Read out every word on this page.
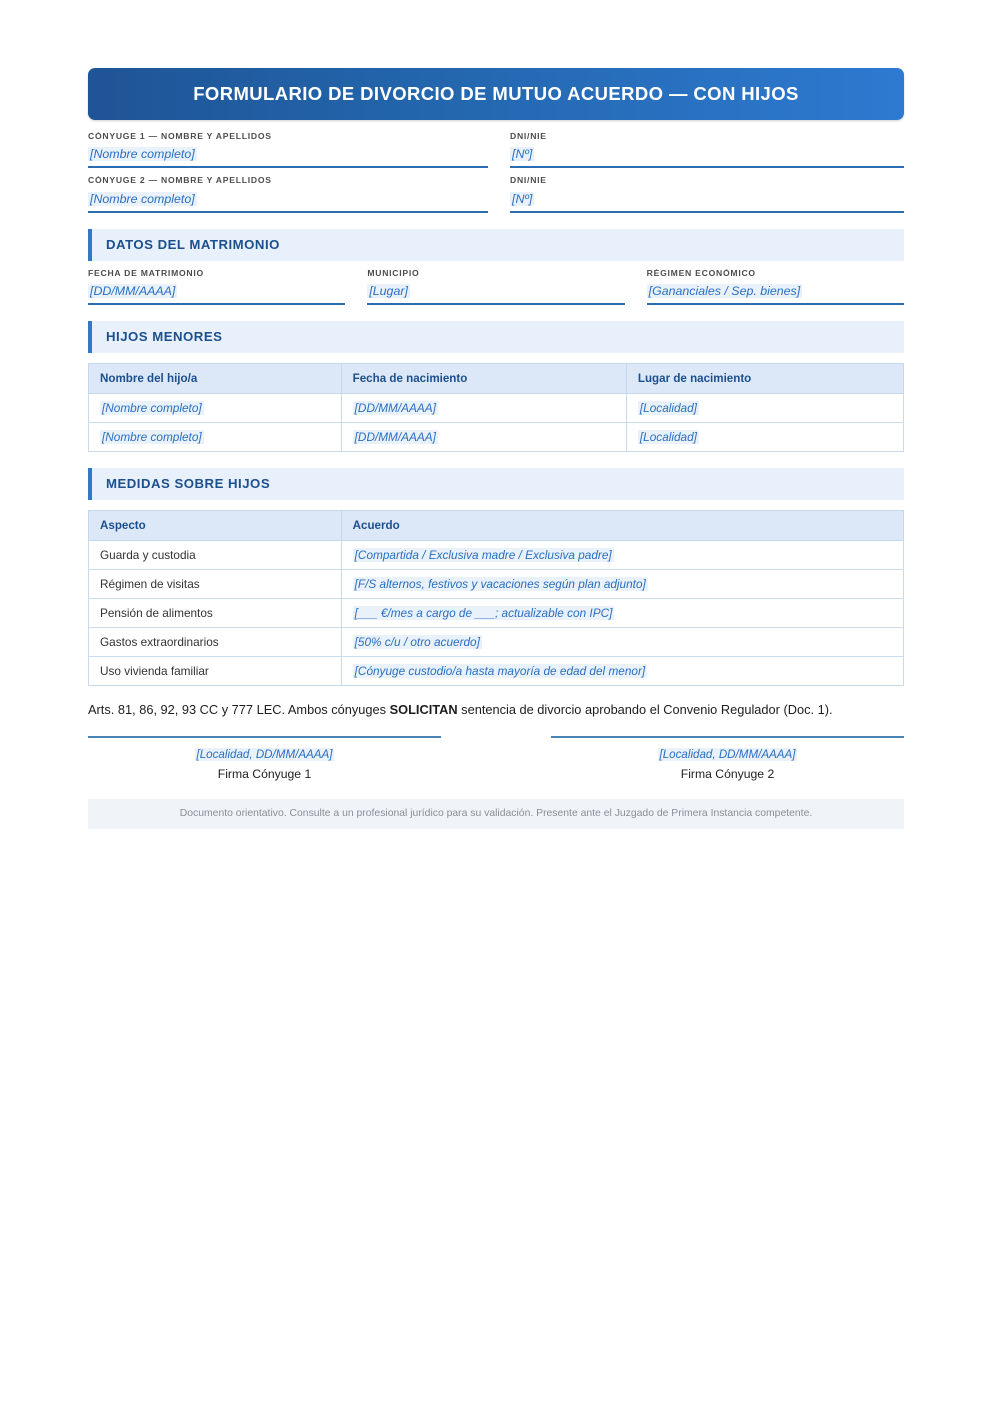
FORMULARIO DE DIVORCIO DE MUTUO ACUERDO — CON HIJOS
CÓNYUGE 1 — NOMBRE Y APELLIDOS
[Nombre completo]
DNI/NIE
[Nº]
CÓNYUGE 2 — NOMBRE Y APELLIDOS
[Nombre completo]
DNI/NIE
[Nº]
DATOS DEL MATRIMONIO
FECHA DE MATRIMONIO
[DD/MM/AAAA]
MUNICIPIO
[Lugar]
RÉGIMEN ECONÓMICO
[Gananciales / Sep. bienes]
HIJOS MENORES
Nombre del hijo/a	Fecha de nacimiento	Lugar de nacimiento
[Nombre completo]	[DD/MM/AAAA]	[Localidad]
[Nombre completo]	[DD/MM/AAAA]	[Localidad]
MEDIDAS SOBRE HIJOS
Aspecto	Acuerdo
Guarda y custodia	[Compartida / Exclusiva madre / Exclusiva padre]
Régimen de visitas	[F/S alternos, festivos y vacaciones según plan adjunto]
Pensión de alimentos	[___ €/mes a cargo de ___; actualizable con IPC]
Gastos extraordinarios	[50% c/u / otro acuerdo]
Uso vivienda familiar	[Cónyuge custodio/a hasta mayoría de edad del menor]

Arts. 81, 86, 92, 93 CC y 777 LEC. Ambos cónyuges SOLICITAN sentencia de divorcio aprobando el Convenio Regulador (Doc. 1).

[Localidad, DD/MM/AAAA]
Firma Cónyuge 1
[Localidad, DD/MM/AAAA]
Firma Cónyuge 2
Documento orientativo. Consulte a un profesional jurídico para su validación. Presente ante el Juzgado de Primera Instancia competente.
